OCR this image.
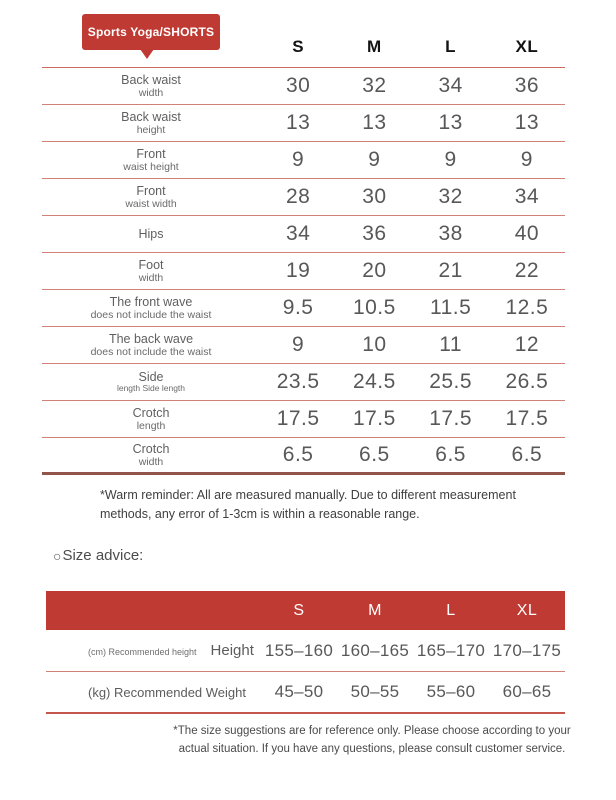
Sports Yoga/SHORTS
S	M	L	XL
Back waist
width	30	32	34	36
Back waist
height	13	13	13	13
Front
waist height	9	9	9	9
Front
waist width	28	30	32	34
Hips	34	36	38	40
Foot
width	19	20	21	22
The front wave
does not include the waist	9.5	10.5	11.5	12.5
The back wave
does not include the waist	9	10	11	12
Side
length Side length	23.5	24.5	25.5	26.5
Crotch
length	17.5	17.5	17.5	17.5
Crotch
width	6.5	6.5	6.5	6.5
*Warm reminder: All are measured manually. Due to different measurement methods, any error of 1-3cm is within a reasonable range.
○ Size advice:
S	M	L	XL
(cm) Recommended height Height 155–160 160–165 165–170 170–175
(kg) Recommended Weight	45–50	50–55	55–60	60–65
*The size suggestions are for reference only. Please choose according to your actual situation. If you have any questions, please consult customer service.
